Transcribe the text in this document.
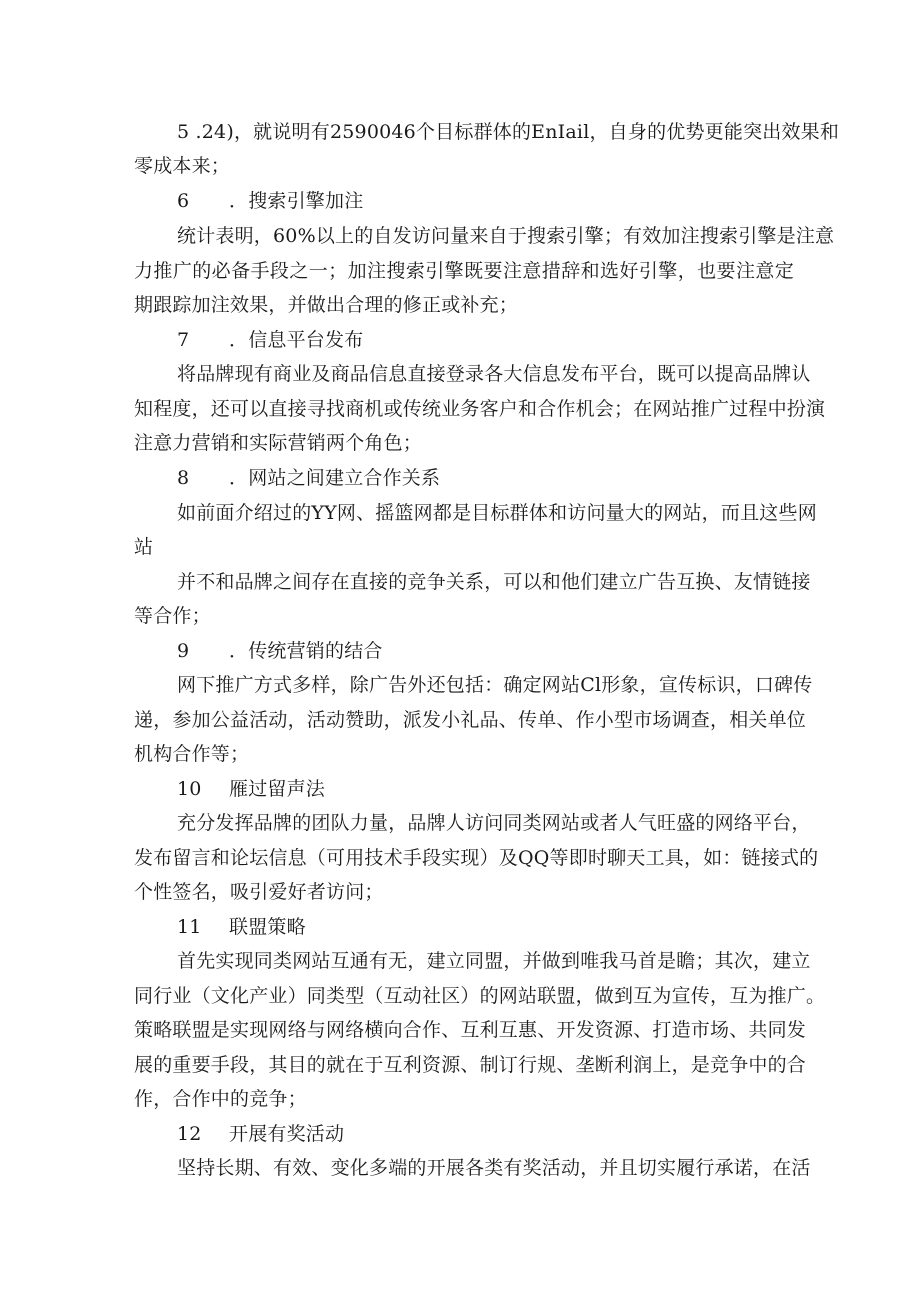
5 .24)，就说明有2590046个目标群体的EnIail，自身的优势更能突出效果和
零成本来；
6	．搜索引擎加注
统计表明，60%以上的自发访问量来自于搜索引擎；有效加注搜索引擎是注意
力推广的必备手段之一；加注搜索引擎既要注意措辞和选好引擎，也要注意定
期跟踪加注效果，并做出合理的修正或补充；
7	．信息平台发布
将品牌现有商业及商品信息直接登录各大信息发布平台，既可以提高品牌认
知程度，还可以直接寻找商机或传统业务客户和合作机会；在网站推广过程中扮演
注意力营销和实际营销两个角色；
8	．网站之间建立合作关系
如前面介绍过的YY网、摇篮网都是目标群体和访问量大的网站，而且这些网
站
并不和品牌之间存在直接的竞争关系，可以和他们建立广告互换、友情链接
等合作；
9	．传统营销的结合
网下推广方式多样，除广告外还包括：确定网站Cl形象，宣传标识，口碑传
递，参加公益活动，活动赞助，派发小礼品、传单、作小型市场调查，相关单位
机构合作等；
10	雁过留声法
充分发挥品牌的团队力量，品牌人访问同类网站或者人气旺盛的网络平台，
发布留言和论坛信息（可用技术手段实现）及QQ等即时聊天工具，如：链接式的
个性签名，吸引爱好者访问；
11	联盟策略
首先实现同类网站互通有无，建立同盟，并做到唯我马首是瞻；其次，建立
同行业（文化产业）同类型（互动社区）的网站联盟，做到互为宣传，互为推广。
策略联盟是实现网络与网络横向合作、互利互惠、开发资源、打造市场、共同发
展的重要手段，其目的就在于互利资源、制订行规、垄断利润上，是竞争中的合
作，合作中的竞争；
12	开展有奖活动
坚持长期、有效、变化多端的开展各类有奖活动，并且切实履行承诺，在活
